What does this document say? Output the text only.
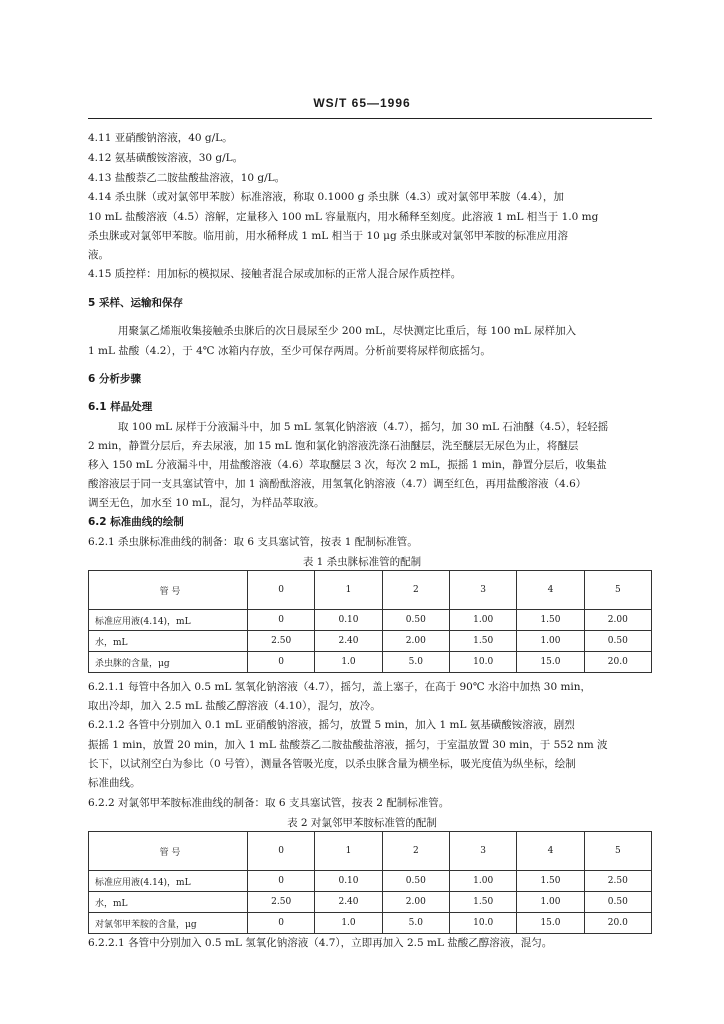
WS/T 65—1996
4.11 亚硝酸钠溶液，40 g/L。
4.12 氨基磺酸铵溶液，30 g/L。
4.13 盐酸萘乙二胺盐酸盐溶液，10 g/L。
4.14 杀虫脒（或对氯邻甲苯胺）标准溶液，称取 0.1000 g 杀虫脒（4.3）或对氯邻甲苯胺（4.4），加
10 mL 盐酸溶液（4.5）溶解，定量移入 100 mL 容量瓶内，用水稀释至刻度。此溶液 1 mL 相当于 1.0 mg
杀虫脒或对氯邻甲苯胺。临用前，用水稀释成 1 mL 相当于 10 μg 杀虫脒或对氯邻甲苯胺的标准应用溶
液。
4.15 质控样：用加标的模拟尿、接触者混合尿或加标的正常人混合尿作质控样。
5 采样、运输和保存
用聚氯乙烯瓶收集接触杀虫脒后的次日晨尿至少 200 mL，尽快测定比重后，每 100 mL 尿样加入
1 mL 盐酸（4.2），于 4℃ 冰箱内存放，至少可保存两周。分析前要将尿样彻底摇匀。
6 分析步骤
6.1 样品处理
取 100 mL 尿样于分液漏斗中，加 5 mL 氢氧化钠溶液（4.7），摇匀，加 30 mL 石油醚（4.5），轻轻摇
2 min，静置分层后，弃去尿液，加 15 mL 饱和氯化钠溶液洗涤石油醚层，洗至醚层无尿色为止，将醚层
移入 150 mL 分液漏斗中，用盐酸溶液（4.6）萃取醚层 3 次，每次 2 mL，振摇 1 min，静置分层后，收集盐
酸溶液层于同一支具塞试管中，加 1 滴酚酞溶液，用氢氧化钠溶液（4.7）调至红色，再用盐酸溶液（4.6）
调至无色，加水至 10 mL，混匀，为样品萃取液。
6.2 标准曲线的绘制
6.2.1 杀虫脒标准曲线的制备：取 6 支具塞试管，按表 1 配制标准管。
表 1 杀虫脒标准管的配制
管 号	0	1	2	3	4	5
标准应用液(4.14)，mL	0	0.10	0.50	1.00	1.50	2.00
水，mL	2.50	2.40	2.00	1.50	1.00	0.50
杀虫脒的含量，μg	0	1.0	5.0	10.0	15.0	20.0
6.2.1.1 每管中各加入 0.5 mL 氢氧化钠溶液（4.7），摇匀，盖上塞子，在高于 90℃ 水浴中加热 30 min，
取出冷却，加入 2.5 mL 盐酸乙醇溶液（4.10），混匀，放冷。
6.2.1.2 各管中分别加入 0.1 mL 亚硝酸钠溶液，摇匀，放置 5 min，加入 1 mL 氨基磺酸铵溶液，剧烈
振摇 1 min，放置 20 min，加入 1 mL 盐酸萘乙二胺盐酸盐溶液，摇匀，于室温放置 30 min，于 552 nm 波
长下，以试剂空白为参比（0 号管），测量各管吸光度，以杀虫脒含量为横坐标，吸光度值为纵坐标，绘制
标准曲线。
6.2.2 对氯邻甲苯胺标准曲线的制备：取 6 支具塞试管，按表 2 配制标准管。
表 2 对氯邻甲苯胺标准管的配制
管 号	0	1	2	3	4	5
标准应用液(4.14)，mL	0	0.10	0.50	1.00	1.50	2.50
水，mL	2.50	2.40	2.00	1.50	1.00	0.50
对氯邻甲苯胺的含量，μg	0	1.0	5.0	10.0	15.0	20.0
6.2.2.1 各管中分别加入 0.5 mL 氢氧化钠溶液（4.7），立即再加入 2.5 mL 盐酸乙醇溶液，混匀。
